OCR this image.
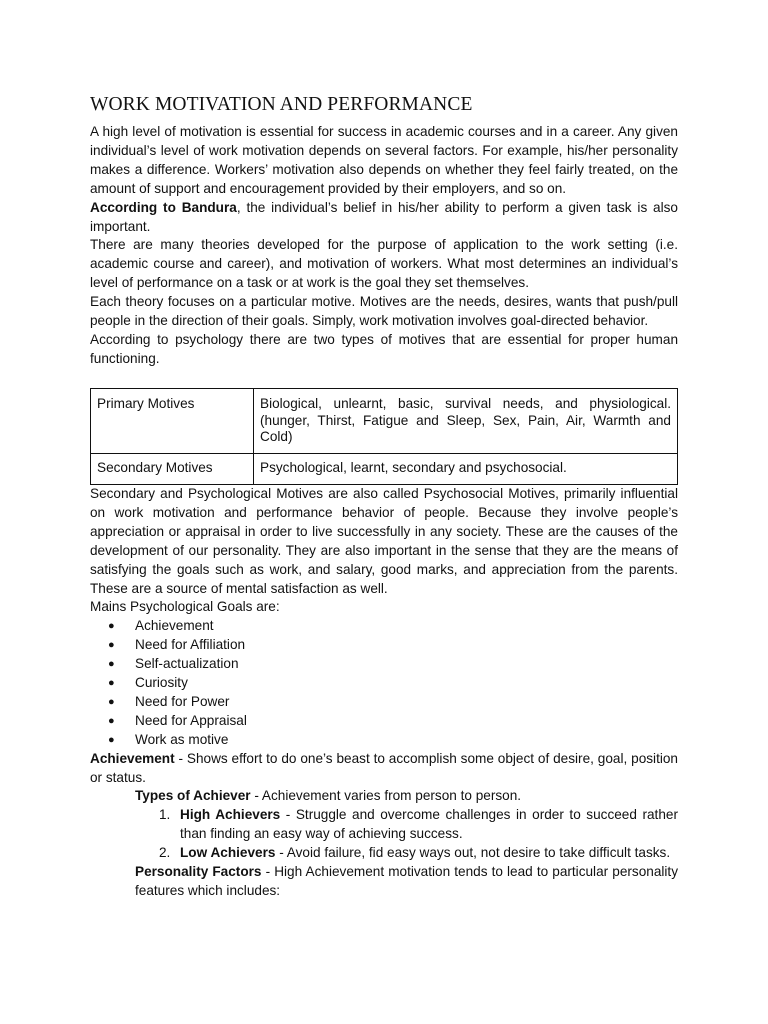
WORK MOTIVATION AND PERFORMANCE

A high level of motivation is essential for success in academic courses and in a career. Any given individual’s level of work motivation depends on several factors. For example, his/her personality makes a difference. Workers’ motivation also depends on whether they feel fairly treated, on the amount of support and encouragement provided by their employers, and so on.

According to Bandura, the individual’s belief in his/her ability to perform a given task is also important.

There are many theories developed for the purpose of application to the work setting (i.e. academic course and career), and motivation of workers. What most determines an individual’s level of performance on a task or at work is the goal they set themselves.

Each theory focuses on a particular motive. Motives are the needs, desires, wants that push/pull people in the direction of their goals. Simply, work motivation involves goal-directed behavior.

According to psychology there are two types of motives that are essential for proper human functioning.

Primary Motives	Biological, unlearnt, basic, survival needs, and physiological. (hunger, Thirst, Fatigue and Sleep, Sex, Pain, Air, Warmth and Cold)
Secondary Motives	Psychological, learnt, secondary and psychosocial.

Secondary and Psychological Motives are also called Psychosocial Motives, primarily influential on work motivation and performance behavior of people. Because they involve people’s appreciation or appraisal in order to live successfully in any society. These are the causes of the development of our personality. They are also important in the sense that they are the means of satisfying the goals such as work, and salary, good marks, and appreciation from the parents. These are a source of mental satisfaction as well.

Mains Psychological Goals are:

● Achievement
● Need for Affiliation
● Self-actualization
● Curiosity
● Need for Power
● Need for Appraisal
● Work as motive

Achievement - Shows effort to do one’s beast to accomplish some object of desire, goal, position or status.

Types of Achiever - Achievement varies from person to person.

1. High Achievers - Struggle and overcome challenges in order to succeed rather than finding an easy way of achieving success.
2. Low Achievers - Avoid failure, fid easy ways out, not desire to take difficult tasks.

Personality Factors - High Achievement motivation tends to lead to particular personality features which includes:
